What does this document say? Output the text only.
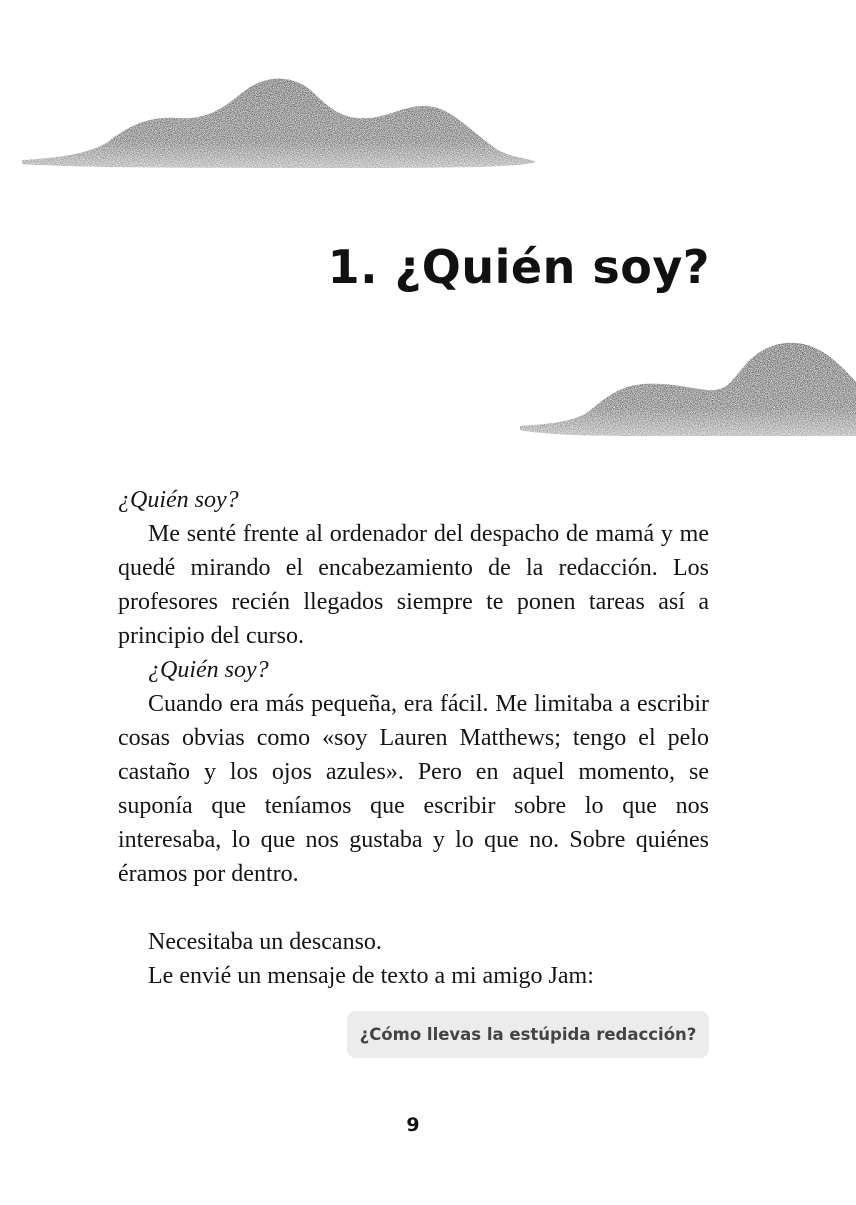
1. ¿Quién soy?

¿Quién soy?

Me senté frente al ordenador del despacho de mamá y me quedé mirando el encabezamiento de la redacción. Los profesores recién llegados siempre te ponen tareas así a principio del curso.

¿Quién soy?

Cuando era más pequeña, era fácil. Me limitaba a escribir cosas obvias como «soy Lauren Matthews; tengo el pelo castaño y los ojos azules». Pero en aquel momento, se suponía que teníamos que escribir sobre lo que nos interesaba, lo que nos gustaba y lo que no. Sobre quiénes éramos por dentro.

Necesitaba un descanso.

Le envié un mensaje de texto a mi amigo Jam:

¿Cómo llevas la estúpida redacción?
9
